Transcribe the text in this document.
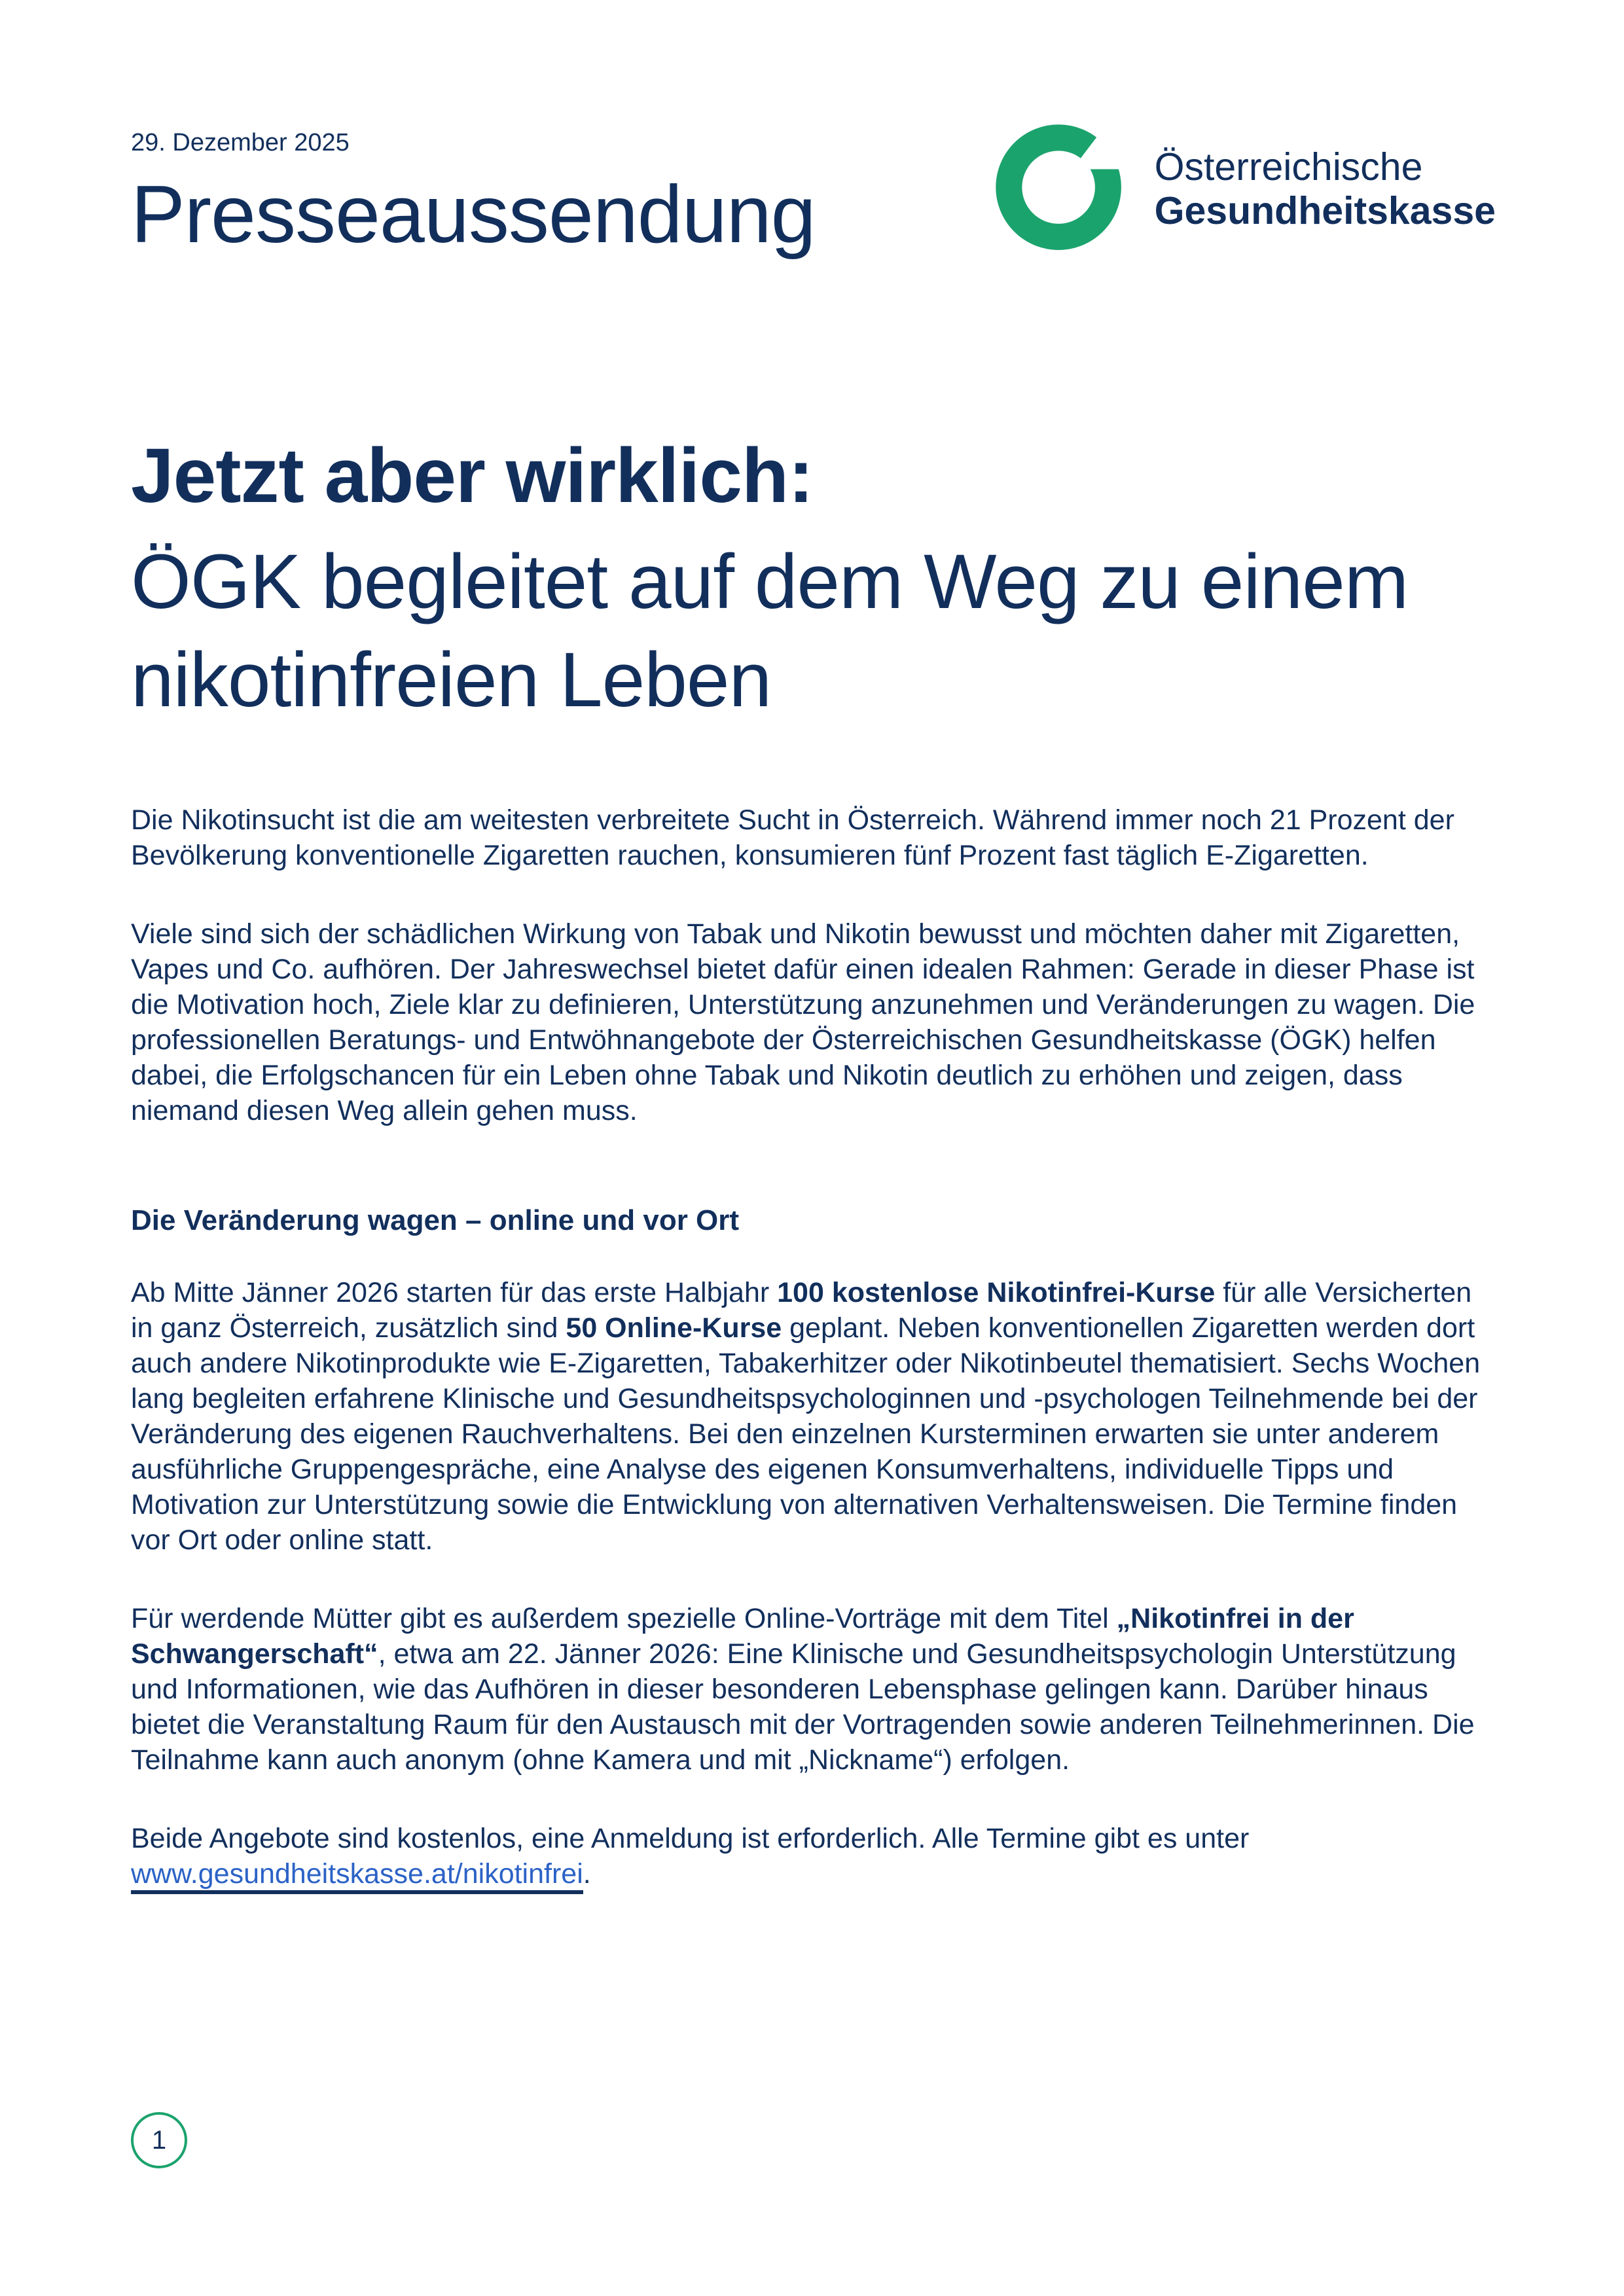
29. Dezember 2025
Presseaussendung
Österreichische
Gesundheitskasse
Jetzt aber wirklich:
ÖGK begleitet auf dem Weg zu einem
nikotinfreien Leben

Die Nikotinsucht ist die am weitesten verbreitete Sucht in Österreich. Während immer noch 21 Prozent der Bevölkerung konventionelle Zigaretten rauchen, konsumieren fünf Prozent fast täglich E-Zigaretten.

Viele sind sich der schädlichen Wirkung von Tabak und Nikotin bewusst und möchten daher mit Zigaretten, Vapes und Co. aufhören. Der Jahreswechsel bietet dafür einen idealen Rahmen: Gerade in dieser Phase ist die Motivation hoch, Ziele klar zu definieren, Unterstützung anzunehmen und Veränderungen zu wagen. Die professionellen Beratungs- und Entwöhnangebote der Österreichischen Gesundheitskasse (ÖGK) helfen dabei, die Erfolgschancen für ein Leben ohne Tabak und Nikotin deutlich zu erhöhen und zeigen, dass niemand diesen Weg allein gehen muss.

Die Veränderung wagen – online und vor Ort

Ab Mitte Jänner 2026 starten für das erste Halbjahr 100 kostenlose Nikotinfrei-Kurse für alle Versicherten in ganz Österreich, zusätzlich sind 50 Online-Kurse geplant. Neben konventionellen Zigaretten werden dort auch andere Nikotinprodukte wie E-Zigaretten, Tabakerhitzer oder Nikotinbeutel thematisiert. Sechs Wochen lang begleiten erfahrene Klinische und Gesundheitspsychologinnen und -psychologen Teilnehmende bei der Veränderung des eigenen Rauchverhaltens. Bei den einzelnen Kursterminen erwarten sie unter anderem ausführliche Gruppengespräche, eine Analyse des eigenen Konsumverhaltens, individuelle Tipps und Motivation zur Unterstützung sowie die Entwicklung von alternativen Verhaltensweisen. Die Termine finden vor Ort oder online statt.

Für werdende Mütter gibt es außerdem spezielle Online-Vorträge mit dem Titel „Nikotinfrei in der Schwangerschaft“, etwa am 22. Jänner 2026: Eine Klinische und Gesundheitspsychologin Unterstützung und Informationen, wie das Aufhören in dieser besonderen Lebensphase gelingen kann. Darüber hinaus bietet die Veranstaltung Raum für den Austausch mit der Vortragenden sowie anderen Teilnehmerinnen. Die Teilnahme kann auch anonym (ohne Kamera und mit „Nickname“) erfolgen.

Beide Angebote sind kostenlos, eine Anmeldung ist erforderlich. Alle Termine gibt es unter www.gesundheitskasse.at/nikotinfrei.

1
